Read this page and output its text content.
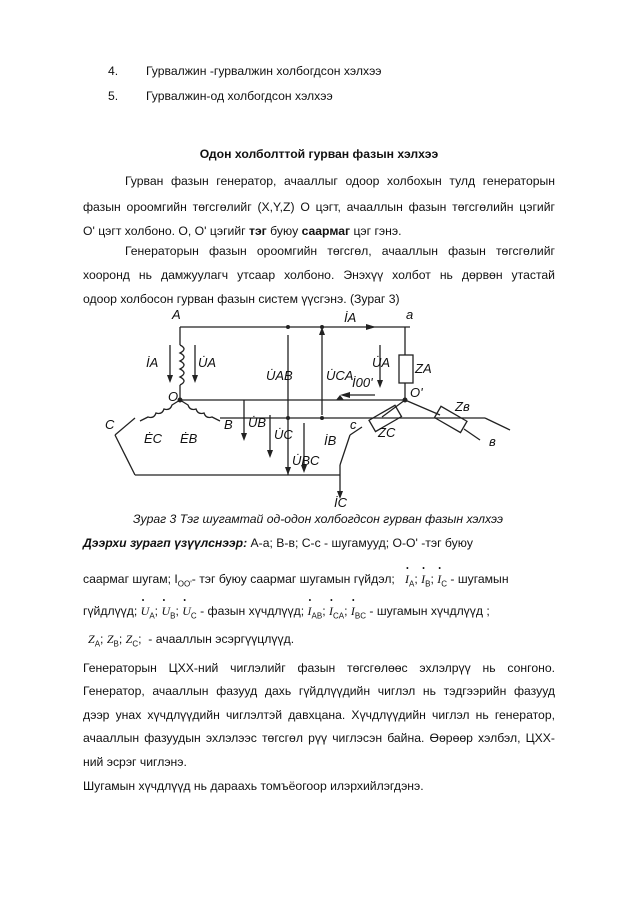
4. Гурвалжин -гурвалжин холбогдсон хэлхээ
5. Гурвалжин-од холбогдсон хэлхээ
Одон холболттой гурван фазын хэлхээ
Гурван фазын генератор, ачааллыг одоор холбохын тулд генераторын
фазын ороомгийн төгсгөлийг (X,Y,Z) О цэгт, ачааллын фазын төгсгөлийн цэгийг
О' цэгт холбоно. О, О' цэгийг тэг буюу саармаг цэг гэнэ.
Генераторын фазын ороомгийн төгсгөл, ачааллын фазын төгсгөлийг
хооронд нь дамжуулагч утсаар холбоно. Энэхүү холбот нь дөрвөн утастай
одоор холбосон гурван фазын систем үүсгэнэ. (Зураг 3)
A	a
İA
İA	U̇A
U̇AB	U̇CA
U̇A ZA
İ00'
O	O'
U̇B
U̇C İB
c
ZC
Zв
в
C
ĖC ĖB
B
U̇BC
İC
Зураг 3 Тэг шугамтай од-одон холбогдсон гурван фазын хэлхээ
Дээрхи зурагп үзүүлснээр: A-a; B-в; C-c - шугамууд; O-O' -тэг буюу
саармаг шугам; $I_{OO'}-$ тэг буюу саармаг шугамын гүйдэл; • $I_A$; • $I_B$; • $I_C$ - шугамын
гүйдлүүд; • $U_A$; • $U_B$; • $U_C$ - фазын хүчдлүүд; • $I_{AB}$; • $I_{CA}$; • $I_{BC}$ - шугамын хүчдлүүд ;
$Z_A$; $Z_B$; $Z_C$; - ачааллын эсэргүүцлүүд.
Генераторын ЦХХ-ний чиглэлийг фазын төгсгөлөөс эхлэлрүү нь сонгоно.
Генератор, ачааллын фазууд дахь гүйдлүүдийн чиглэл нь тэдгээрийн фазууд
дээр унах хүчдлүүдийн чиглэлтэй давхцана. Хүчдлүүдийн чиглэл нь генератор,
ачааллын фазуудын эхлэлээс төгсгөл рүү чиглэсэн байна. Өөрөөр хэлбэл, ЦХХ-
ний эсрэг чиглэнэ.
Шугамын хүчдлүүд нь дараахь томъёогоор илэрхийлэгдэнэ.
